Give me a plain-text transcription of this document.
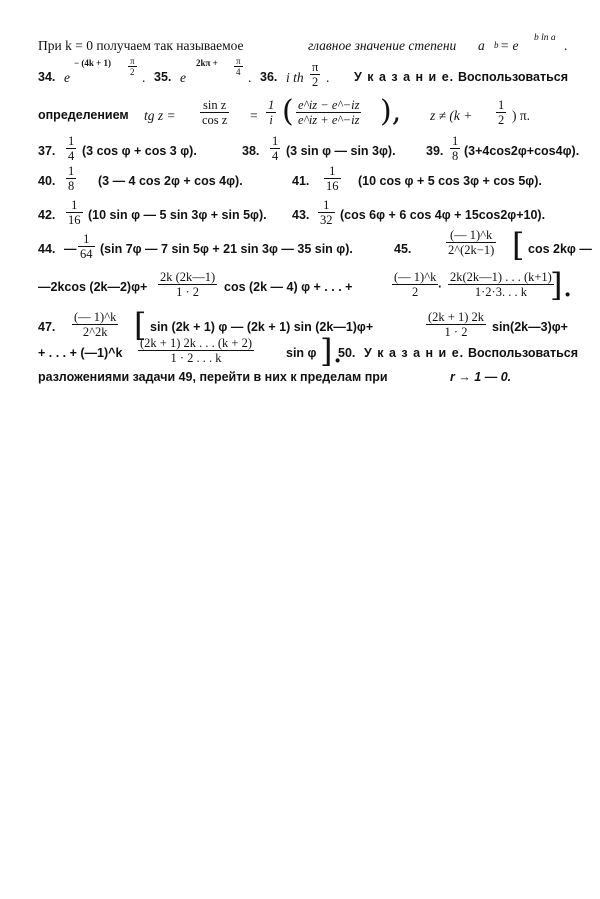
При k = 0 получаем так называемое	главное значение степени a $_b$ = e b ln a .
34. e
− $(4k + 1) \frac{\pi}{2}$
. 35. e
$2k\pi + \frac{\pi}{4}$
. 36. i th $\frac{\pi}{2}$ . У к а з а н и е. Воспользоваться
определением tg $z = \frac{\text{sin z}}{\text{cos z}} = \frac{1}{i}$ ( $\frac{e\^{}iz - e\^{}-iz}{e\^{}iz + e\^{}-iz}$ ), $z \ne (k + \frac{1}{2}$ ) π.
37. $\frac{1}{4} (3$ cos φ + cos 3 φ).	38. $\frac{1}{4} (3$ sin φ — sin 3φ). 39. $\frac{1}{8} (3+4\cos 2\varphi+\cos 4\varphi)$.
40. $\frac{1}{8} (3$ — 4 cos 2φ + cos 4φ).	41. $\frac{1}{16} (10$ cos φ + 5 cos 3φ + cos 5φ).
42. $\frac{1}{16} (10$ sin φ — 5 sin 3φ + sin 5φ). 43. $\frac{1}{32} (\cos$ 6φ + 6 cos 4φ + 15cos2φ+10).
44. — $\frac{1}{64} (\sin$ 7φ — 7 sin 5φ + 21 sin 3φ — 35 sin φ).	45.	$\frac{(— 1)\^{}k}{2\^{}(2k-1)}$ [ cos 2kφ —
—2kcos (2k—2)φ+ $\frac{2k (2k—1)}{1 \cdot 2}$ cos (2k — 4) φ + . . . +	$\frac{(— 1)\^{}k}{2} \cdot \frac{2k(2k—1) . . . (k+1)}{1\cdot 2\cdot 3. . . k}$
].
47. $\frac{(— 1)\^{}k}{2\^{}2k}$ [ sin (2k + 1) φ — (2k + 1) sin (2k—1)φ+	$\frac{(2k + 1) 2k}{1 \cdot 2}$ sin(2k—3)φ+
+ . . . + (—1)^k $\frac{(2k + 1) 2k . . . (k + 2)}{1 \cdot 2 . . . k}$	sin φ ].
50. У к а з а н и е. Воспользоваться
разложениями задачи 49, перейти в них к пределам при	r → 1 — 0.
